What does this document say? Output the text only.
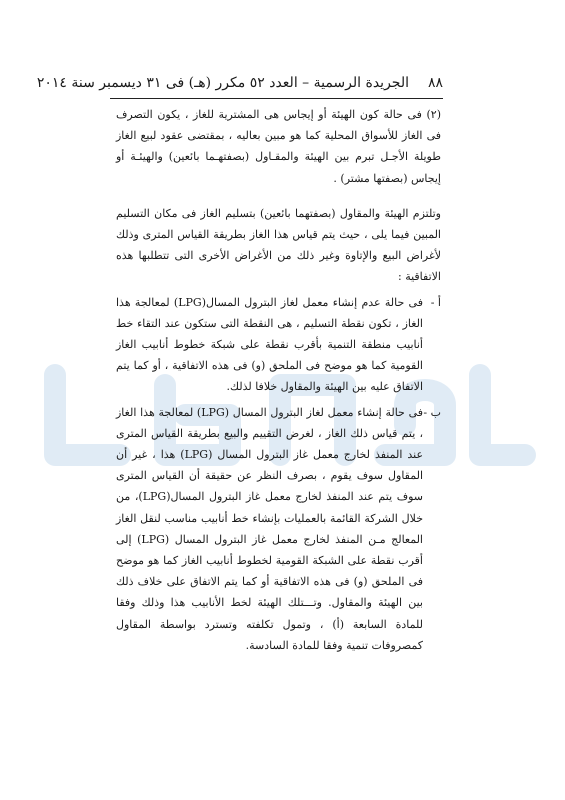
٨٨
الجريدة الرسمية – العدد ٥٢ مكرر (هـ) فى ٣١ ديسمبر سنة ٢٠١٤

(٢) فى حالة كون الهيئة أو إيجاس هى المشترية للغاز ، يكون التصرف فى الغاز للأسواق المحلية كما هو مبين بعاليه ، بمقتضى عقود لبيع الغاز طويلة الأجـل تبرم بين الهيئة والمقـاول (بصفتهـما بائعين) والهيئـة أو إيجاس (بصفتها مشتر) .

وتلتزم الهيئة والمقاول (بصفتهما بائعين) بتسليم الغاز فى مكان التسليم المبين فيما يلى ، حيث يتم قياس هذا الغاز بطريقة القياس المترى وذلك لأغراض البيع والإتاوة وغير ذلك من الأغراض الأخرى التى تتطلبها هذه الاتفاقية :

أ -
فى حالة عدم إنشاء معمل لغاز البترول المسال(LPG) لمعالجة هذا الغاز ، تكون نقطة التسليم ، هى النقطة التى ستكون عند التقاء خط أنابيب منطقة التنمية بأقرب نقطة على شبكة خطوط أنابيب الغاز القومية كما هو موضح فى الملحق (و) فى هذه الاتفاقية ، أو كما يتم الاتفاق عليه بين الهيئة والمقاول خلافا لذلك.
ب -
فى حالة إنشاء معمل لغاز البترول المسال (LPG) لمعالجة هذا الغاز ، يتم قياس ذلك الغاز ، لغرض التقييم والبيع بطريقة القياس المترى عند المنفذ لخارج معمل غاز البترول المسال (LPG) هذا ، غير أن المقاول سوف يقوم ، بصرف النظر عن حقيقة أن القياس المترى سوف يتم عند المنفذ لخارج معمل غاز البترول المسال(LPG)، من خلال الشركة القائمة بالعمليات بإنشاء خط أنابيب مناسب لنقل الغاز المعالج مـن المنفذ لخارج معمل غاز البترول المسال (LPG) إلى أقرب نقطة على الشبكة القومية لخطوط أنابيب الغاز كما هو موضح فى الملحق (و) فى هذه الاتفاقية أو كما يتم الاتفاق على خلاف ذلك بين الهيئة والمقاول. وتـــتلك الهيئة لخط الأنابيب هذا وذلك وفقا للمادة السابعة (أ) ، وتمول تكلفته وتسترد بواسطة المقاول كمصروفات تنمية وفقا للمادة السادسة.
